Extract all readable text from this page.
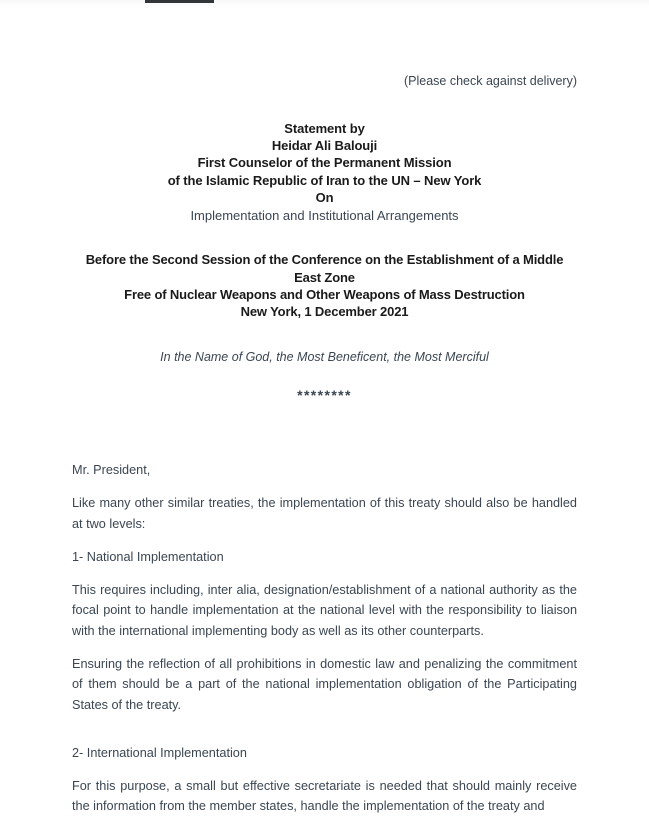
(Please check against delivery)
Statement by
Heidar Ali Balouji
First Counselor of the Permanent Mission
of the Islamic Republic of Iran to the UN – New York
On
Implementation and Institutional Arrangements
Before the Second Session of the Conference on the Establishment of a Middle East Zone
Free of Nuclear Weapons and Other Weapons of Mass Destruction
New York, 1 December 2021
In the Name of God, the Most Beneficent, the Most Merciful
********
Mr. President,

Like many other similar treaties, the implementation of this treaty should also be handled at two levels:

1- National Implementation

This requires including, inter alia, designation/establishment of a national authority as the focal point to handle implementation at the national level with the responsibility to liaison with the international implementing body as well as its other counterparts.

Ensuring the reflection of all prohibitions in domestic law and penalizing the commitment of them should be a part of the national implementation obligation of the Participating States of the treaty.

2- International Implementation

For this purpose, a small but effective secretariate is needed that should mainly receive the information from the member states, handle the implementation of the treaty and
